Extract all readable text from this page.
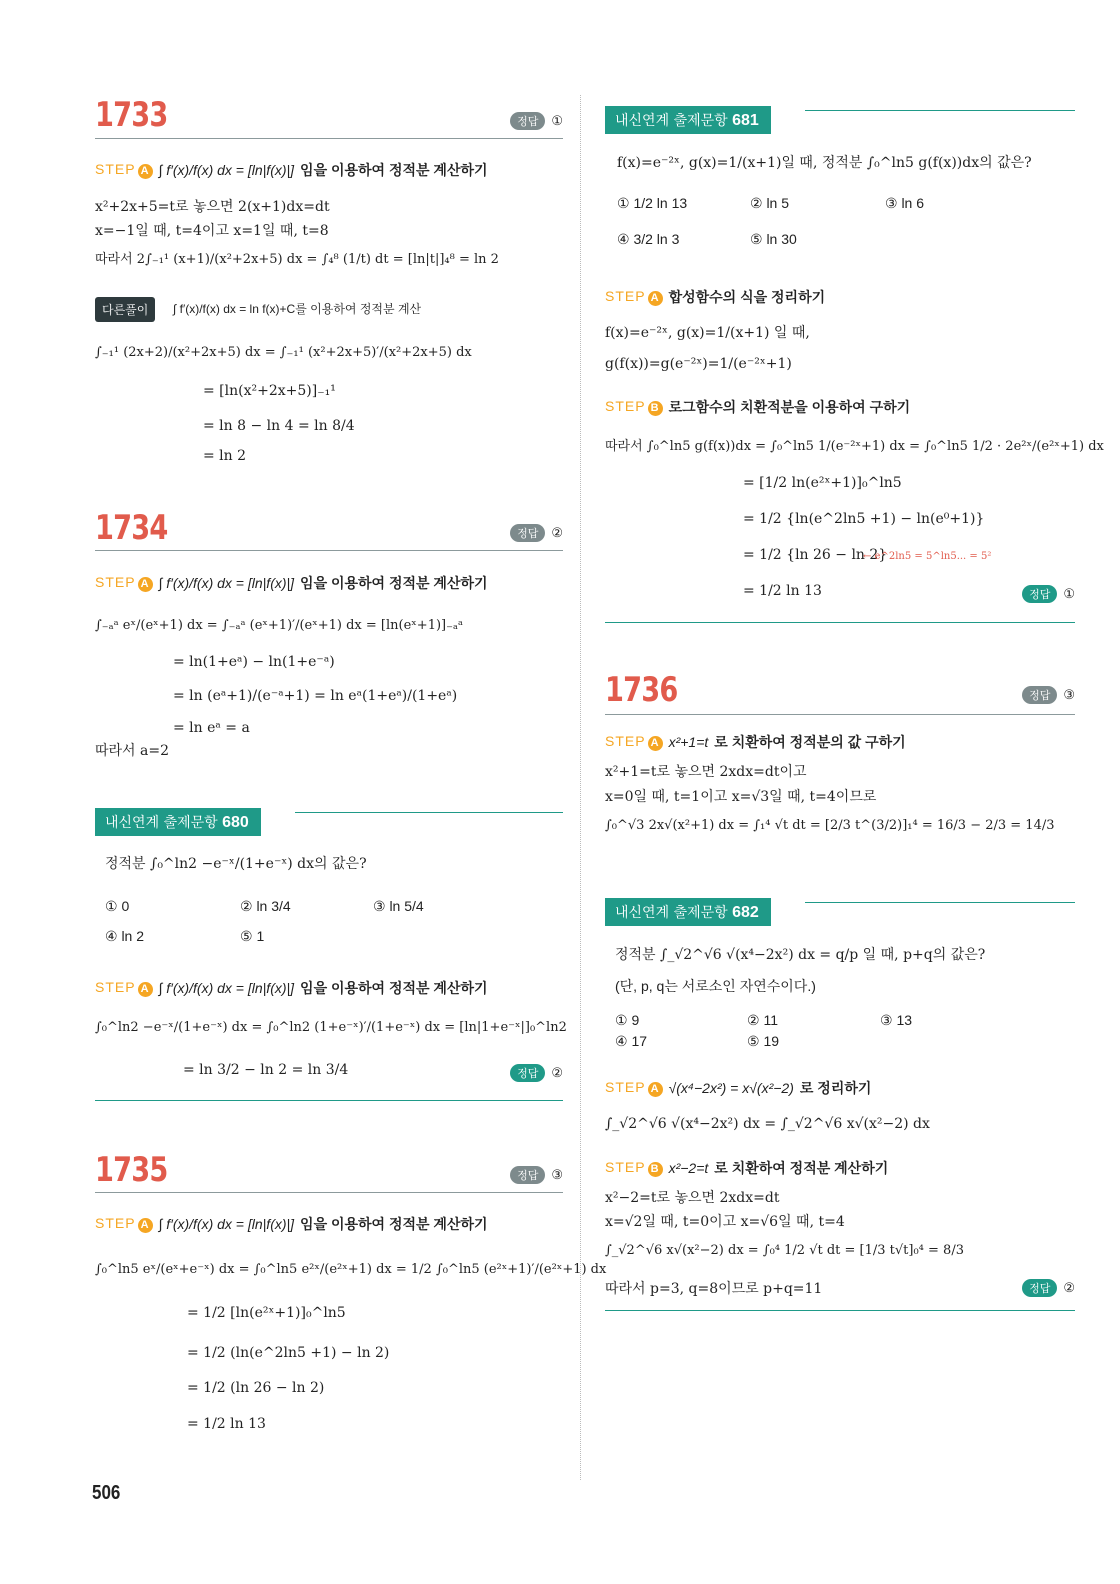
1733	정답	①
STEP A ∫ f′(x)/f(x) dx = [ln|f(x)|] 임을 이용하여 정적분 계산하기
x²+2x+5=t로 놓으면 2(x+1)dx=dt
x=−1일 때, t=4이고 x=1일 때, t=8
따라서 2∫₋₁¹ (x+1)/(x²+2x+5) dx = ∫₄⁸ (1/t) dt = [ln|t|]₄⁸ = ln 2
다른풀이	∫ f′(x)/f(x) dx = ln f(x)+C를 이용하여 정적분 계산
∫₋₁¹ (2x+2)/(x²+2x+5) dx = ∫₋₁¹ (x²+2x+5)′/(x²+2x+5) dx
= [ln(x²+2x+5)]₋₁¹
= ln 8 − ln 4 = ln 8/4
= ln 2
1734	정답	②
STEP A ∫ f′(x)/f(x) dx = [ln|f(x)|] 임을 이용하여 정적분 계산하기
∫₋ₐᵃ eˣ/(eˣ+1) dx = ∫₋ₐᵃ (eˣ+1)′/(eˣ+1) dx = [ln(eˣ+1)]₋ₐᵃ
= ln(1+eᵃ) − ln(1+e⁻ᵃ)
= ln (eᵃ+1)/(e⁻ᵃ+1) = ln eᵃ(1+eᵃ)/(1+eᵃ)
= ln eᵃ = a
따라서 a=2
내신연계 출제문항 680
정적분 ∫₀^ln2 −e⁻ˣ/(1+e⁻ˣ) dx의 값은?
① 0	② ln 3/4	③ ln 5/4
④ ln 2	⑤ 1
STEP A ∫ f′(x)/f(x) dx = [ln|f(x)|] 임을 이용하여 정적분 계산하기
∫₀^ln2 −e⁻ˣ/(1+e⁻ˣ) dx = ∫₀^ln2 (1+e⁻ˣ)′/(1+e⁻ˣ) dx = [ln|1+e⁻ˣ|]₀^ln2
= ln 3/2 − ln 2 = ln 3/4	정답	②
1735	정답	③
STEP A ∫ f′(x)/f(x) dx = [ln|f(x)|] 임을 이용하여 정적분 계산하기
∫₀^ln5 eˣ/(eˣ+e⁻ˣ) dx = ∫₀^ln5 e²ˣ/(e²ˣ+1) dx = 1/2 ∫₀^ln5 (e²ˣ+1)′/(e²ˣ+1) dx
= 1/2 [ln(e²ˣ+1)]₀^ln5
= 1/2 (ln(e^2ln5 +1) − ln 2)
= 1/2 (ln 26 − ln 2)
= 1/2 ln 13
내신연계 출제문항 681
f(x)=e⁻²ˣ, g(x)=1/(x+1)일 때, 정적분 ∫₀^ln5 g(f(x))dx의 값은?
① 1/2 ln 13	② ln 5	③ ln 6
④ 3/2 ln 3	⑤ ln 30
STEP A 합성함수의 식을 정리하기
f(x)=e⁻²ˣ, g(x)=1/(x+1) 일 때,
g(f(x))=g(e⁻²ˣ)=1/(e⁻²ˣ+1)
STEP B 로그함수의 치환적분을 이용하여 구하기
따라서 ∫₀^ln5 g(f(x))dx = ∫₀^ln5 1/(e⁻²ˣ+1) dx = ∫₀^ln5 1/2 · 2e²ˣ/(e²ˣ+1) dx
= [1/2 ln(e²ˣ+1)]₀^ln5
= 1/2 {ln(e^2ln5 +1) − ln(e⁰+1)}
= 1/2 {ln 26 − ln 2}
← e^2ln5 = 5^ln5... = 5²
= 1/2 ln 13	정답	①
1736	정답	③
STEP A x²+1=t 로 치환하여 정적분의 값 구하기
x²+1=t로 놓으면 2xdx=dt이고
x=0일 때, t=1이고 x=√3일 때, t=4이므로
∫₀^√3 2x√(x²+1) dx = ∫₁⁴ √t dt = [2/3 t^(3/2)]₁⁴ = 16/3 − 2/3 = 14/3
내신연계 출제문항 682
정적분 ∫_√2^√6 √(x⁴−2x²) dx = q/p 일 때, p+q의 값은?
(단, p, q는 서로소인 자연수이다.)
① 9	② 11	③ 13
④ 17	⑤ 19
STEP A √(x⁴−2x²) = x√(x²−2) 로 정리하기
∫_√2^√6 √(x⁴−2x²) dx = ∫_√2^√6 x√(x²−2) dx
STEP B x²−2=t 로 치환하여 정적분 계산하기
x²−2=t로 놓으면 2xdx=dt
x=√2일 때, t=0이고 x=√6일 때, t=4
∫_√2^√6 x√(x²−2) dx = ∫₀⁴ 1/2 √t dt = [1/3 t√t]₀⁴ = 8/3
따라서 p=3, q=8이므로 p+q=11	정답	②
506
